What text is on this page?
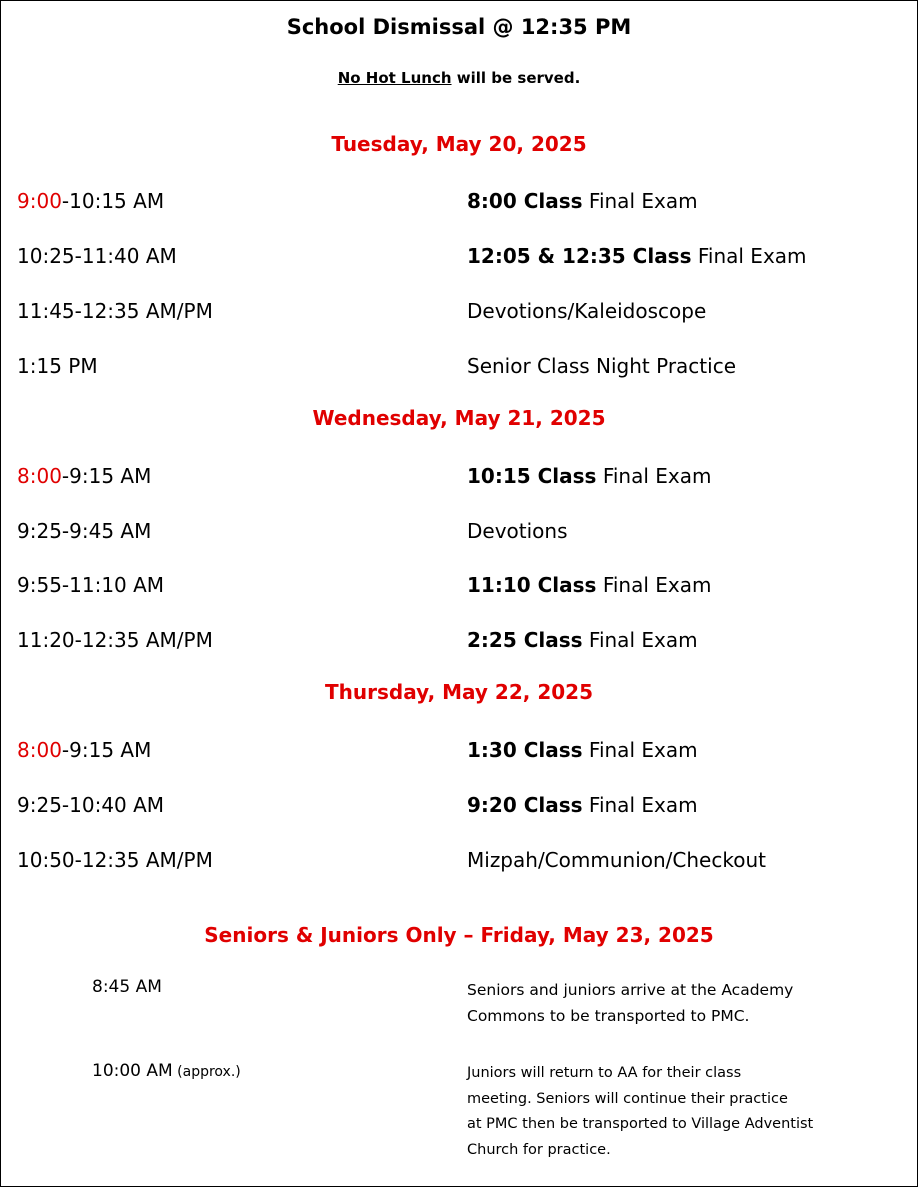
School Dismissal @ 12:35 PM
No Hot Lunch will be served.
Tuesday, May 20, 2025
9:00-10:15 AM	8:00 Class Final Exam
10:25-11:40 AM	12:05 & 12:35 Class Final Exam
11:45-12:35 AM/PM	Devotions/Kaleidoscope
1:15 PM	Senior Class Night Practice
Wednesday, May 21, 2025
8:00-9:15 AM	10:15 Class Final Exam
9:25-9:45 AM	Devotions
9:55-11:10 AM	11:10 Class Final Exam
11:20-12:35 AM/PM	2:25 Class Final Exam
Thursday, May 22, 2025
8:00-9:15 AM	1:30 Class Final Exam
9:25-10:40 AM	9:20 Class Final Exam
10:50-12:35 AM/PM	Mizpah/Communion/Checkout
Seniors & Juniors Only – Friday, May 23, 2025
8:45 AM	Seniors and juniors arrive at the Academy
Commons to be transported to PMC.
10:00 AM (approx.)	Juniors will return to AA for their class
meeting. Seniors will continue their practice
at PMC then be transported to Village Adventist
Church for practice.
